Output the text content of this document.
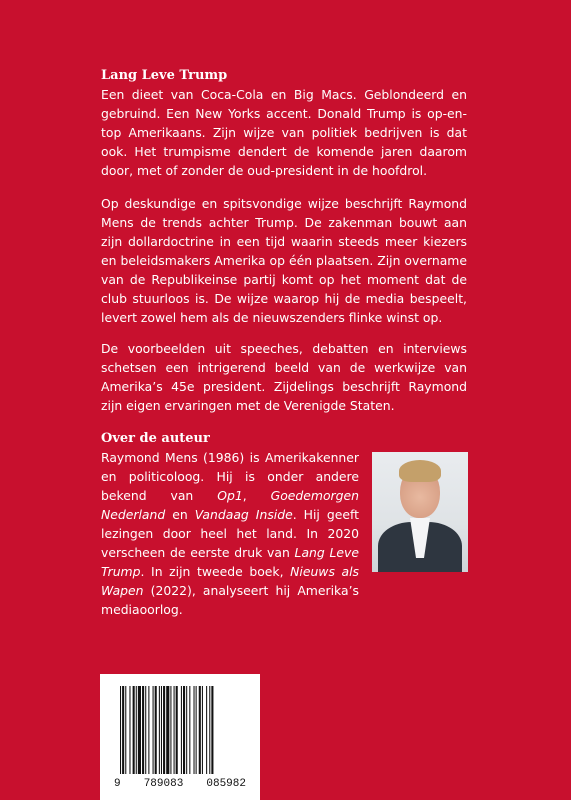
Lang Leve Trump
Een dieet van Coca-Cola en Big Macs. Geblondeerd en gebruind. Een New Yorks accent. Donald Trump is op-en-top Amerikaans. Zijn wijze van politiek bedrijven is dat ook. Het trumpisme dendert de komende jaren daarom door, met of zonder de oud-president in de hoofdrol.
Op deskundige en spitsvondige wijze beschrijft Raymond Mens de trends achter Trump. De zakenman bouwt aan zijn dollardoctrine in een tijd waarin steeds meer kiezers en beleidsmakers Amerika op één plaatsen. Zijn overname van de Republikeinse partij komt op het moment dat de club stuurloos is. De wijze waarop hij de media bespeelt, levert zowel hem als de nieuwszenders flinke winst op.
De voorbeelden uit speeches, debatten en interviews schetsen een intrigerend beeld van de werkwijze van Amerika’s 45e president. Zijdelings beschrijft Raymond zijn eigen ervaringen met de Verenigde Staten.
Over de auteur
Raymond Mens (1986) is Amerikakenner en politicoloog. Hij is onder andere bekend van Op1, Goedemorgen Nederland en Vandaag Inside. Hij geeft lezingen door heel het land. In 2020 verscheen de eerste druk van Lang Leve Trump. In zijn tweede boek, Nieuws als Wapen (2022), analyseert hij Amerika’s mediaoorlog.
9 789083 085982
